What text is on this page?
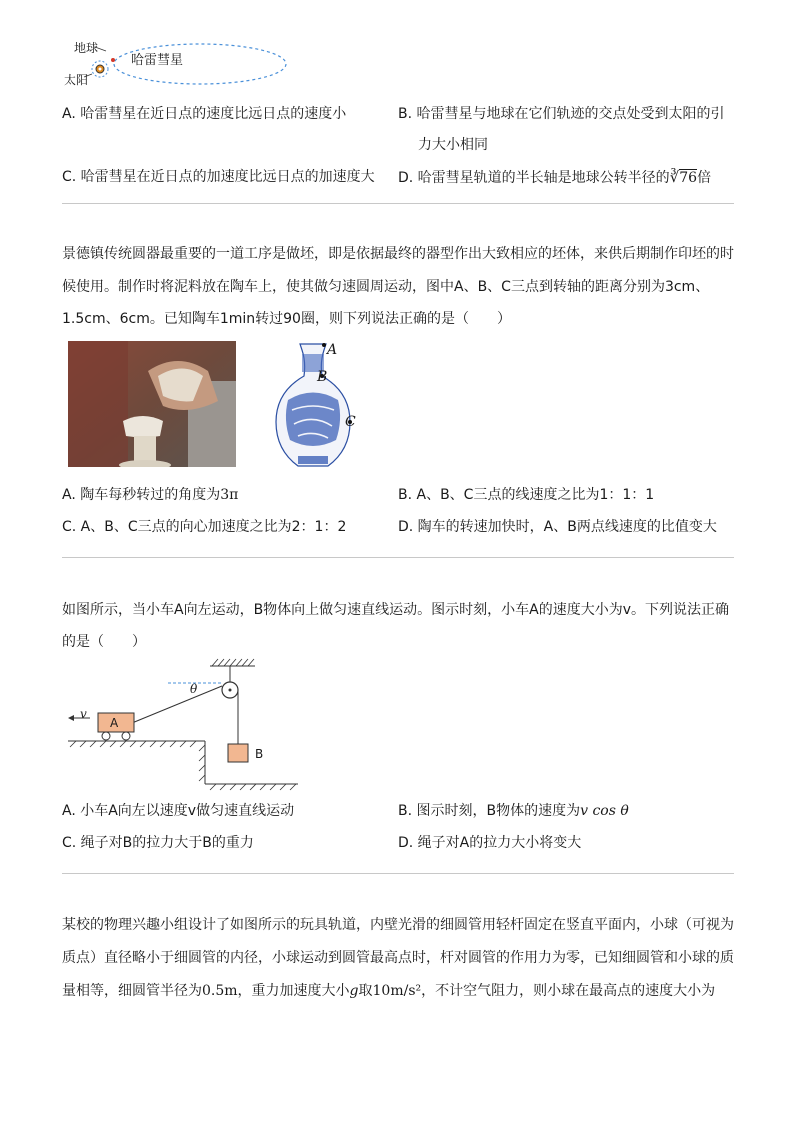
地球
太阳
哈雷彗星
A. 哈雷彗星在近日点的速度比远日点的速度小	B. 哈雷彗星与地球在它们轨迹的交点处受到太阳的引
力大小相同
C. 哈雷彗星在近日点的加速度比远日点的加速度大 D. 哈雷彗星轨道的半长轴是地球公转半径的∛76倍
景德镇传统圆器最重要的一道工序是做坯，即是依据最终的器型作出大致相应的坯体，来供后期制作印坯的时
候使用。制作时将泥料放在陶车上，使其做匀速圆周运动，图中A、B、C三点到转轴的距离分别为3cm、
1.5cm、6cm。已知陶车1min转过90圈，则下列说法正确的是（　　）
A
B
C
A. 陶车每秒转过的角度为3π	B. A、B、C三点的线速度之比为1：1：1
C. A、B、C三点的向心加速度之比为2：1：2	D. 陶车的转速加快时，A、B两点线速度的比值变大
如图所示，当小车A向左运动，B物体向上做匀速直线运动。图示时刻，小车A的速度大小为v。下列说法正确
的是（　　）
v
θ
A
B
A. 小车A向左以速度v做匀速直线运动	B. 图示时刻，B物体的速度为v cos θ
C. 绳子对B的拉力大于B的重力	D. 绳子对A的拉力大小将变大
某校的物理兴趣小组设计了如图所示的玩具轨道，内壁光滑的细圆管用轻杆固定在竖直平面内，小球（可视为
质点）直径略小于细圆管的内径，小球运动到圆管最高点时，杆对圆管的作用力为零，已知细圆管和小球的质
量相等，细圆管半径为0.5m，重力加速度大小g取10m/s²，不计空气阻力，则小球在最高点的速度大小为
